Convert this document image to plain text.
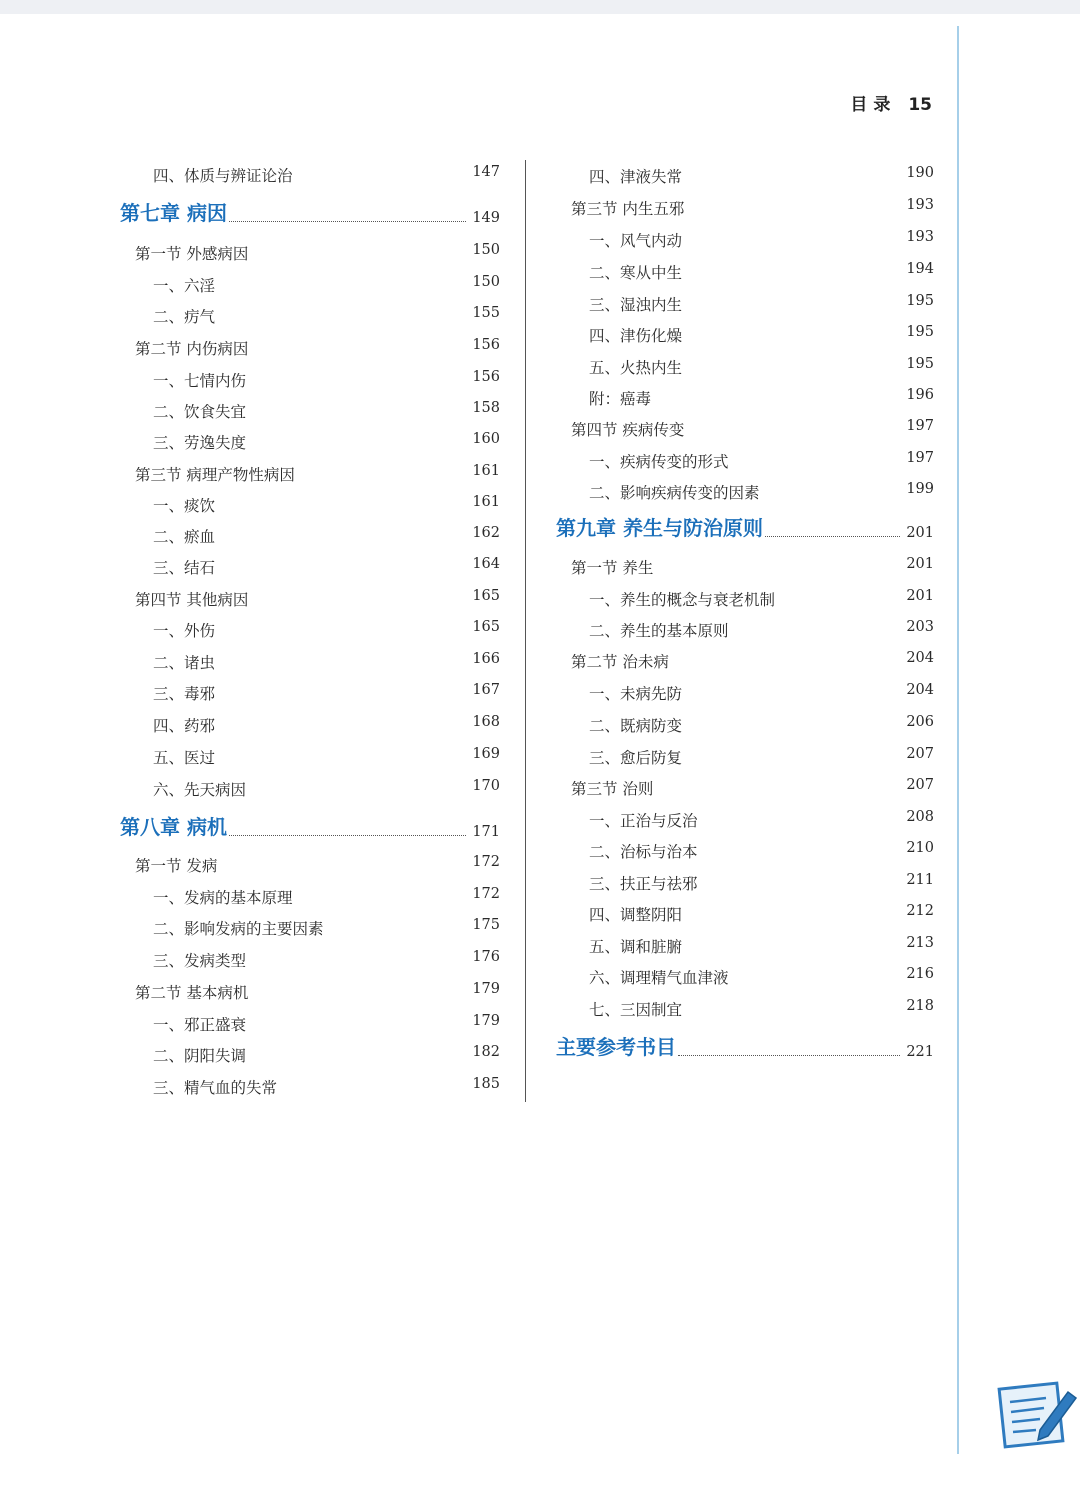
目 录 15
四、体质与辨证论治	147
第七章 病因	149
第一节 外感病因	150
一、六淫	150
二、疠气	155
第二节 内伤病因	156
一、七情内伤	156
二、饮食失宜	158
三、劳逸失度	160
第三节 病理产物性病因	161
一、痰饮	161
二、瘀血	162
三、结石	164
第四节 其他病因	165
一、外伤	165
二、诸虫	166
三、毒邪	167
四、药邪	168
五、医过	169
六、先天病因	170
第八章 病机	171
第一节 发病	172
一、发病的基本原理	172
二、影响发病的主要因素	175
三、发病类型	176
第二节 基本病机	179
一、邪正盛衰	179
二、阴阳失调	182
三、精气血的失常	185
四、津液失常	190
第三节 内生五邪	193
一、风气内动	193
二、寒从中生	194
三、湿浊内生	195
四、津伤化燥	195
五、火热内生	195
附：癌毒	196
第四节 疾病传变	197
一、疾病传变的形式	197
二、影响疾病传变的因素	199
第九章 养生与防治原则	201
第一节 养生	201
一、养生的概念与衰老机制	201
二、养生的基本原则	203
第二节 治未病	204
一、未病先防	204
二、既病防变	206
三、愈后防复	207
第三节 治则	207
一、正治与反治	208
二、治标与治本	210
三、扶正与祛邪	211
四、调整阴阳	212
五、调和脏腑	213
六、调理精气血津液	216
七、三因制宜	218
主要参考书目	221
